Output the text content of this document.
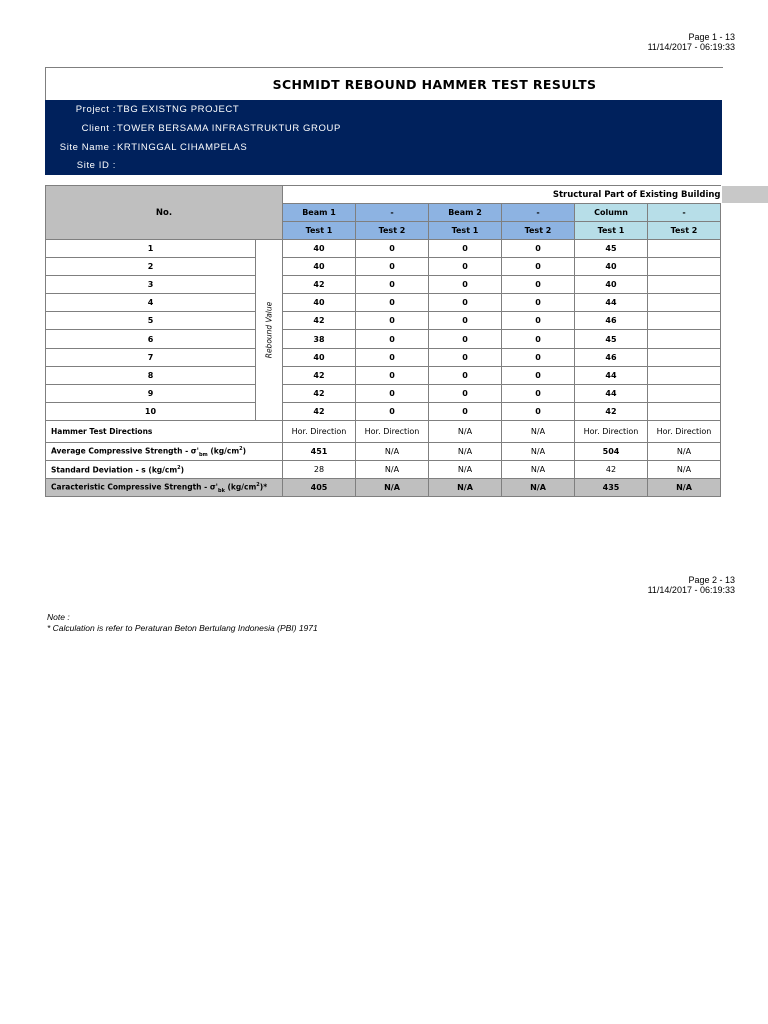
Page 1 - 13
11/14/2017 - 06:19:33
SCHMIDT REBOUND HAMMER TEST RESULTS
Project : TBG EXISTNG PROJECT
Client : TOWER BERSAMA INFRASTRUKTUR GROUP
Site Name : KRTINGGAL CIHAMPELAS
Site ID :
No.		Structural Part of Existing Building					
		Beam 1	-	Beam 2	-	Column	-
		Test 1	Test 2	Test 1	Test 2	Test 1	Test 2
1	Rebound Value	40	0	0	0	45	
2		40	0	0	0	40	
3		42	0	0	0	40	
4		40	0	0	0	44	
5		42	0	0	0	46	
6		38	0	0	0	45	
7		40	0	0	0	46	
8		42	0	0	0	44	
9		42	0	0	0	44	
10		42	0	0	0	42	
Hammer Test Directions		Hor. Direction	Hor. Direction	N/A	N/A	Hor. Direction	Hor. Direction
Average Compressive Strength - $\sigma'_{bm}$ $(kg/cm^2)$		451	N/A	N/A	N/A	504	N/A
Standard Deviation - s $(kg/cm^2)$		28	N/A	N/A	N/A	42	N/A
Caracteristic Compressive Strength - $\sigma'_{bk}$ $(kg/cm^2)*$		405	N/A	N/A	N/A	435	N/A
Page 2 - 13
11/14/2017 - 06:19:33
Note :
* Calculation is refer to Peraturan Beton Bertulang Indonesia (PBI) 1971
